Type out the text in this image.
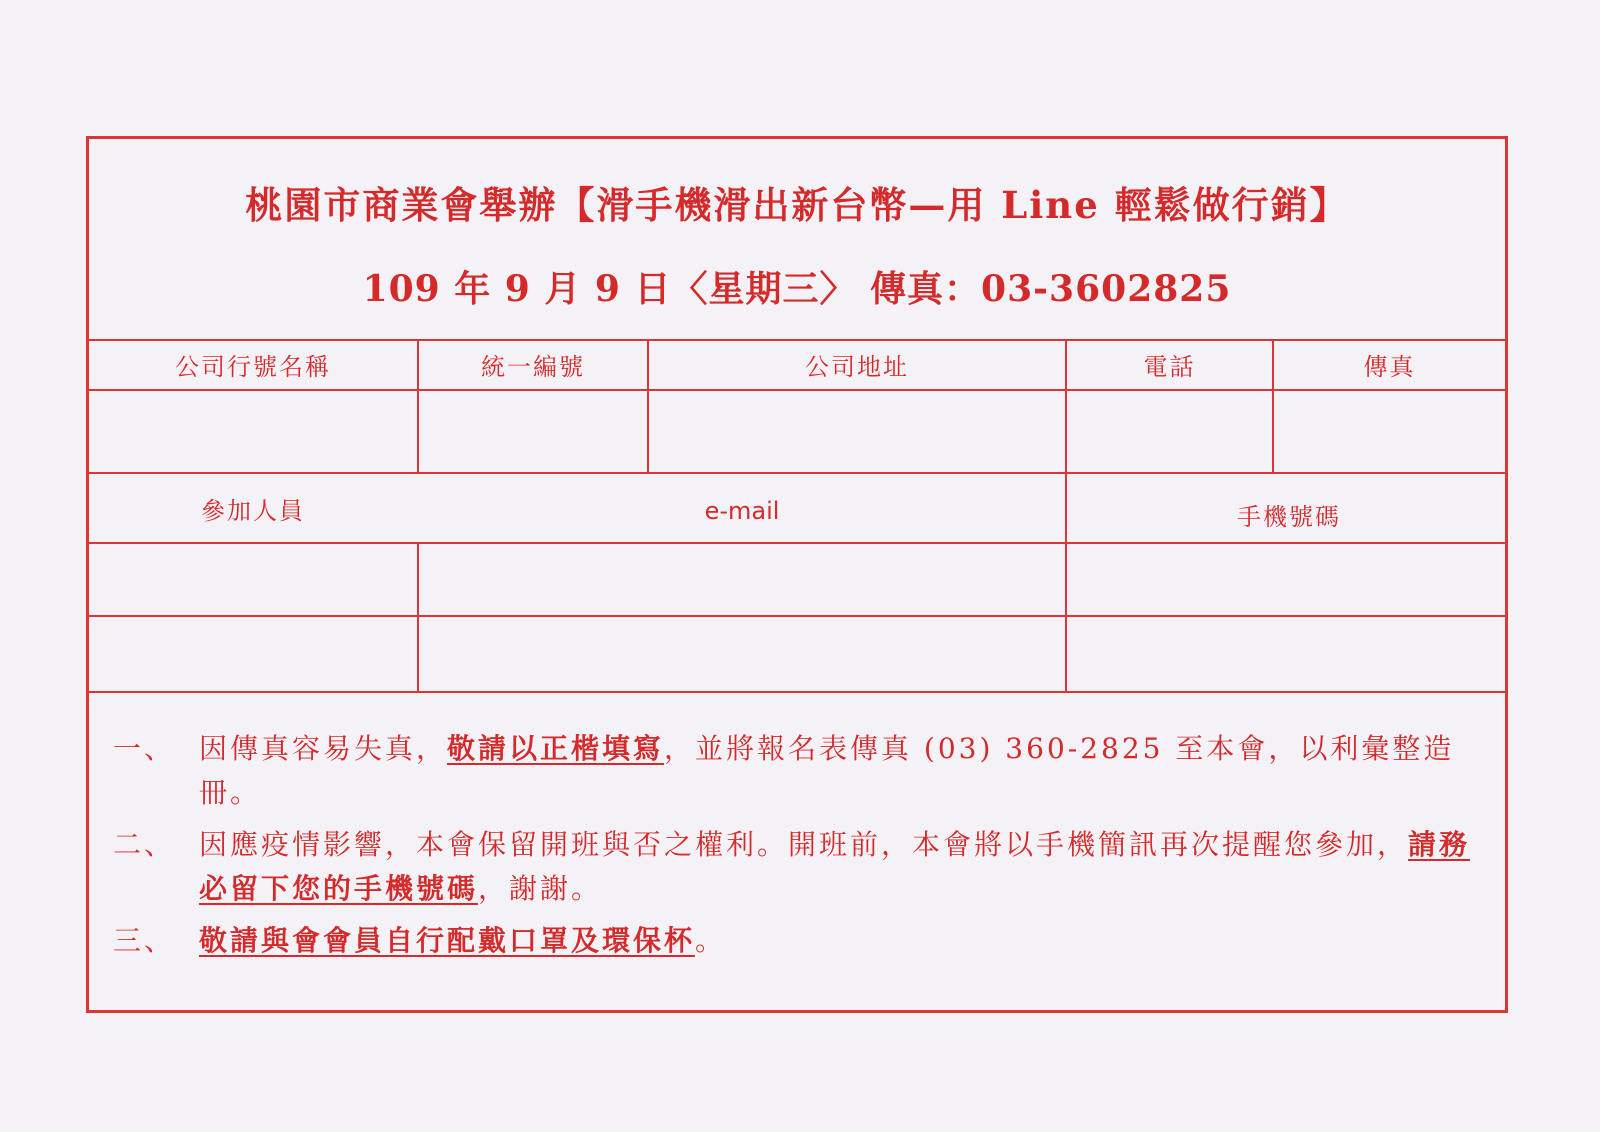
桃園市商業會舉辦【滑手機滑出新台幣—用 Line 輕鬆做行銷】
109 年 9 月 9 日〈星期三〉 傳真：03-3602825
公司行號名稱	統一編號	公司地址	電話	傳真
參加人員	e-mail	手機號碼
一、 因傳真容易失真，敬請以正楷填寫，並將報名表傳真 (03) 360-2825 至本會，以利彙整造冊。
二、 因應疫情影響，本會保留開班與否之權利。開班前，本會將以手機簡訊再次提醒您參加，請務必留下您的手機號碼，謝謝。
三、 敬請與會會員自行配戴口罩及環保杯。
